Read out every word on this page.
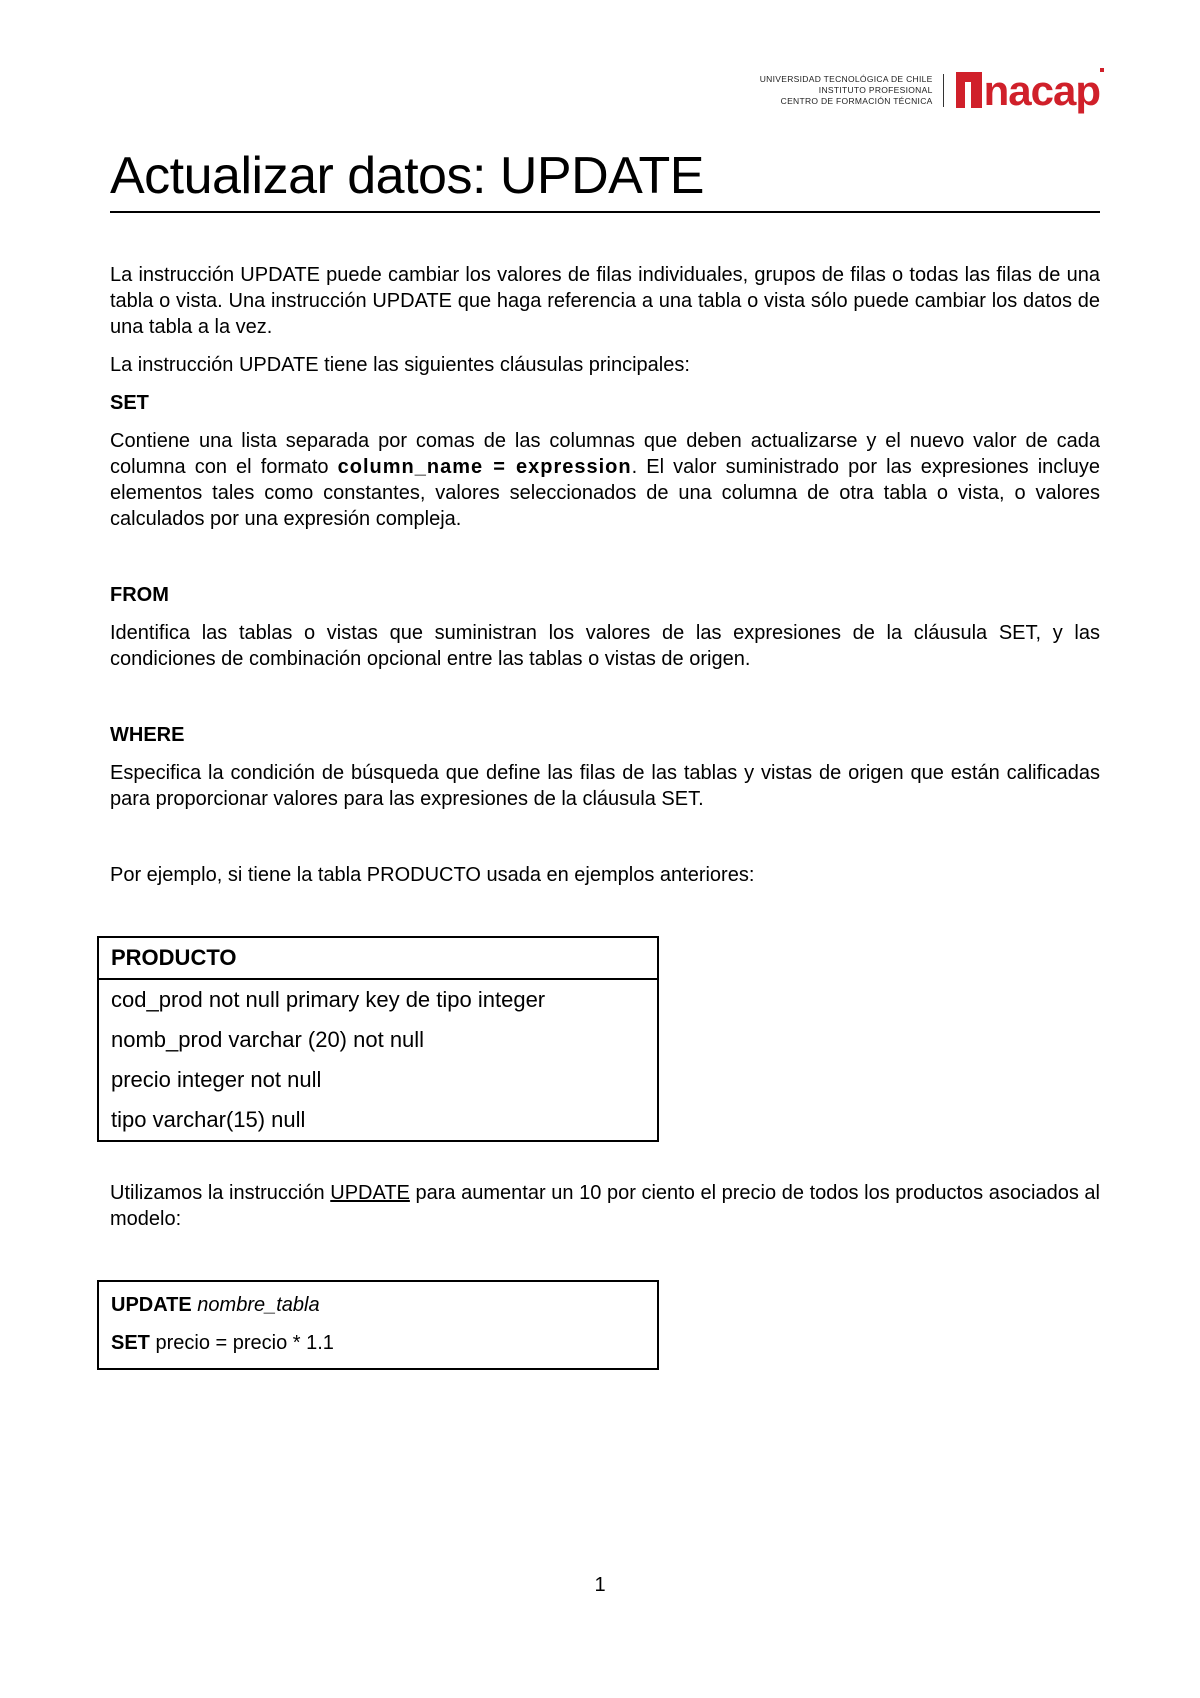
UNIVERSIDAD TECNOLÓGICA DE CHILE
INSTITUTO PROFESIONAL
CENTRO DE FORMACIÓN TÉCNICA nacap
Actualizar datos: UPDATE

La instrucción UPDATE puede cambiar los valores de filas individuales, grupos de filas o todas las filas de una tabla o vista. Una instrucción UPDATE que haga referencia a una tabla o vista sólo puede cambiar los datos de una tabla a la vez.

La instrucción UPDATE tiene las siguientes cláusulas principales:

SET

Contiene una lista separada por comas de las columnas que deben actualizarse y el nuevo valor de cada columna con el formato column_name = expression. El valor suministrado por las expresiones incluye elementos tales como constantes, valores seleccionados de una columna de otra tabla o vista, o valores calculados por una expresión compleja.

FROM

Identifica las tablas o vistas que suministran los valores de las expresiones de la cláusula SET, y las condiciones de combinación opcional entre las tablas o vistas de origen.

WHERE

Especifica la condición de búsqueda que define las filas de las tablas y vistas de origen que están calificadas para proporcionar valores para las expresiones de la cláusula SET.

Por ejemplo, si tiene la tabla PRODUCTO usada en ejemplos anteriores:

PRODUCTO
cod_prod not null primary key de tipo integer
nomb_prod varchar (20) not null
precio integer not null
tipo varchar(15) null

Utilizamos la instrucción UPDATE para aumentar un 10 por ciento el precio de todos los productos asociados al modelo:

UPDATE nombre_tabla
SET precio = precio * 1.1
1
